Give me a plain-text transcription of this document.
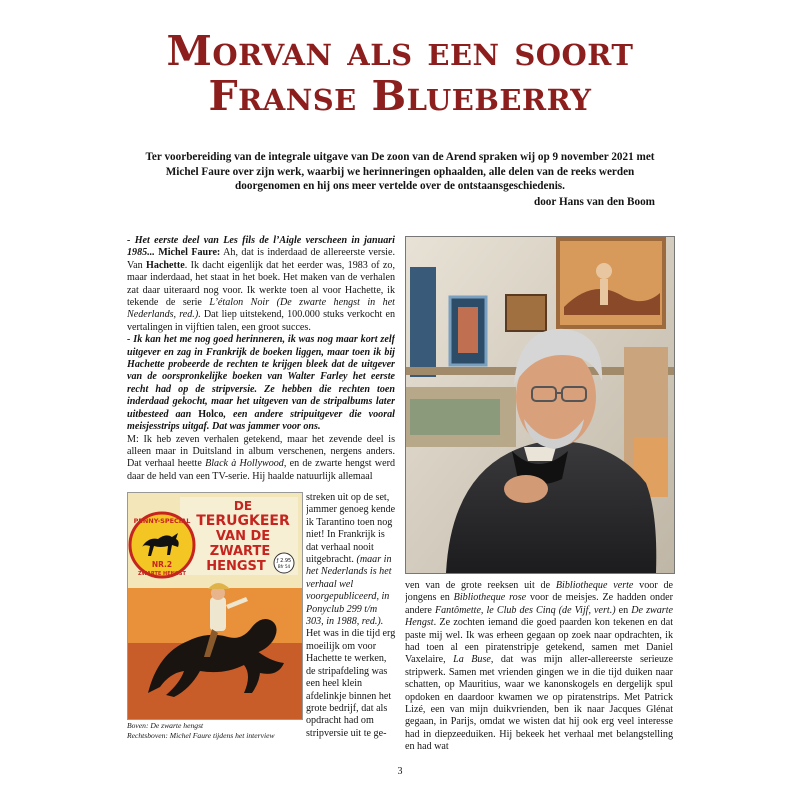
Morvan als een soort
Franse Blueberry
Ter voorbereiding van de integrale uitgave van De zoon van de Arend spraken wij op 9 november 2021 met Michel Faure over zijn werk, waarbij we herinneringen ophaalden, alle delen van de reeks werden doorgenomen en hij ons meer vertelde over de ontstaansgeschiedenis.
door Hans van den Boom

- Het eerste deel van Les fils de l’Aigle verscheen in januari 1985... Michel Faure: Ah, dat is inderdaad de allereerste versie. Van Hachette. Ik dacht eigenlijk dat het eerder was, 1983 of zo, maar inderdaad, het staat in het boek. Het maken van de verhalen zat daar uiteraard nog voor. Ik werkte toen al voor Hachette, ik tekende de serie L’étalon Noir (De zwarte hengst in het Nederlands, red.). Dat liep uitstekend, 100.000 stuks verkocht en vertalingen in vijftien talen, een groot succes.

- Ik kan het me nog goed herinneren, ik was nog maar kort zelf uitgever en zag in Frankrijk de boeken liggen, maar toen ik bij Hachette probeerde de rechten te krijgen bleek dat de uitgever van de oorspronkelijke boeken van Walter Farley het eerste recht had op de stripversie. Ze hebben die rechten toen inderdaad gekocht, maar het uitgeven van de stripalbums later uitbesteed aan Holco, een andere stripuitgever die vooral meisjesstrips uitgaf. Dat was jammer voor ons.

M: Ik heb zeven verhalen getekend, maar het zevende deel is alleen maar in Duitsland in album verschenen, nergens anders. Dat verhaal heette Black à Hollywood, en de zwarte hengst werd daar de held van een TV-serie. Hij haalde natuurlijk allemaal

DE
TERUGKEER
VAN DE
ZWARTE
HENGST
PENNY-SPECIAL
NR.2
ZWARTE HENGST
ƒ 2.95
Bfr 54
Boven: De zwarte hengst
Rechtsboven: Michel Faure tijdens het interview

streken uit op de set, jammer genoeg kende ik Tarantino toen nog niet! In Frankrijk is dat verhaal nooit uitgebracht. (maar in het Nederlands is het verhaal wel voorgepubliceerd, in Ponyclub 299 t/m 303, in 1988, red.). Het was in die tijd erg moeilijk om voor Hachette te werken, de stripafdeling was een heel klein afdelinkje binnen het grote bedrijf, dat als opdracht had om stripversie uit te ge-

ven van de grote reeksen uit de Bibliotheque verte voor de jongens en Bibliotheque rose voor de meisjes. Ze hadden onder andere Fantômette, le Club des Cinq (de Vijf, vert.) en De zwarte Hengst. Ze zochten iemand die goed paarden kon tekenen en dat paste mij wel. Ik was erheen gegaan op zoek naar opdrachten, ik had toen al een piratenstripje getekend, samen met Daniel Vaxelaire, La Buse, dat was mijn aller-allereerste serieuze stripwerk. Samen met vrienden gingen we in die tijd duiken naar schatten, op Mauritius, waar we kanonskogels en dergelijk spul opdoken en daardoor kwamen we op piratenstrips. Met Patrick Lizé, een van mijn duikvrienden, ben ik naar Jacques Glénat gegaan, in Parijs, omdat we wisten dat hij ook erg veel interesse had in diepzeeduiken. Hij bekeek het verhaal met belangstelling en had wat

3
